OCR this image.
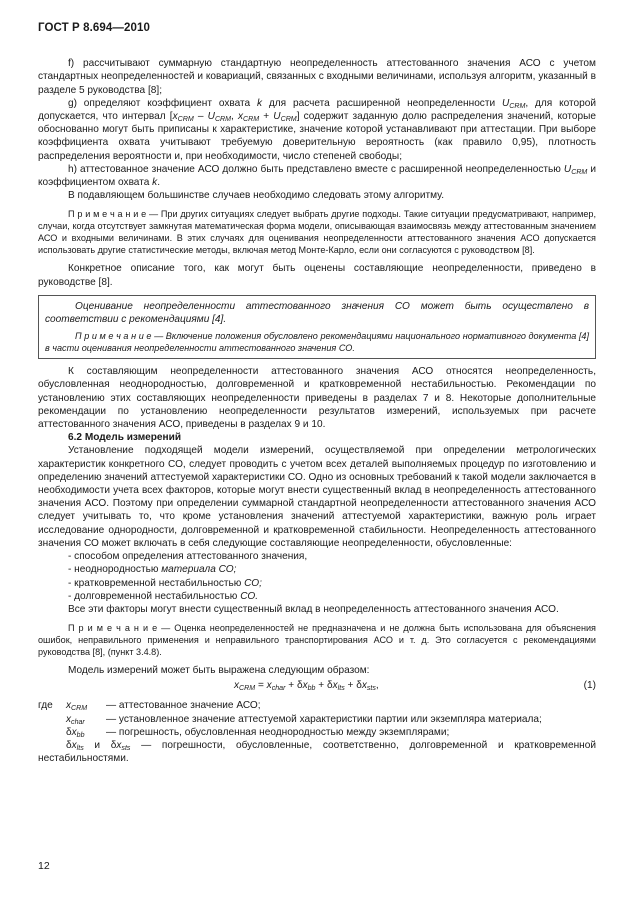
ГОСТ Р 8.694—2010

f) рассчитывают суммарную стандартную неопределенность аттестованного значения АСО с учетом стандартных неопределенностей и ковариаций, связанных с входными величинами, используя алгоритм, указанный в разделе 5 руководства [8];

g) определяют коэффициент охвата k для расчета расширенной неопределенности $U_{CRM}$, для которой допускается, что интервал [$x_{CRM} - U_{CRM}$, $x_{CRM} + U_{CRM}$] содержит заданную долю распределения значений, которые обоснованно могут быть приписаны к характеристике, значение которой устанавливают при аттестации. При выборе коэффициента охвата учитывают требуемую доверительную вероятность (как правило 0,95), плотность распределения вероятности и, при необходимости, число степеней свободы;

h) аттестованное значение АСО должно быть представлено вместе с расширенной неопределенностью $U_{CRM}$ и коэффициентом охвата k.

В подавляющем большинстве случаев необходимо следовать этому алгоритму.

П р и м е ч а н и е — При других ситуациях следует выбрать другие подходы. Такие ситуации предусматривают, например, случаи, когда отсутствует замкнутая математическая форма модели, описывающая взаимосвязь между аттестованным значением АСО и входными величинами. В этих случаях для оценивания неопределенности аттестованного значения АСО допускается использовать другие статистические методы, включая метод Монте-Карло, если они согласуются с руководством [8].

Конкретное описание того, как могут быть оценены составляющие неопределенности, приведено в руководстве [8].

Оценивание неопределенности аттестованного значения СО может быть осуществлено в соответствии с рекомендациями [4].

П р и м е ч а н и е — Включение положения обусловлено рекомендациями национального нормативного документа [4] в части оценивания неопределенности аттестованного значения СО.

К составляющим неопределенности аттестованного значения АСО относятся неопределенность, обусловленная неоднородностью, долговременной и кратковременной нестабильностью. Рекомендации по установлению этих составляющих неопределенности приведены в разделах 7 и 8. Некоторые дополнительные рекомендации по установлению неопределенности результатов измерений, используемых при расчете аттестованного значения АСО, приведены в разделах 9 и 10.

6.2 Модель измерений

Установление подходящей модели измерений, осуществляемой при определении метрологических характеристик конкретного СО, следует проводить с учетом всех деталей выполняемых процедур по изготовлению и определению значений аттестуемой характеристики СО. Одно из основных требований к такой модели заключается в необходимости учета всех факторов, которые могут внести существенный вклад в неопределенность аттестованного значения АСО. Поэтому при определении суммарной стандартной неопределенности аттестованного значения АСО следует учитывать то, что кроме установления значений аттестуемой характеристики, важную роль играет исследование однородности, долговременной и кратковременной стабильности. Неопределенность аттестованного значения СО может включать в себя следующие составляющие неопределенности, обусловленные:

- способом определения аттестованного значения,

- неоднородностью материала СО;

- кратковременной нестабильностью СО;

- долговременной нестабильностью СО.

Все эти факторы могут внести существенный вклад в неопределенность аттестованного значения АСО.

П р и м е ч а н и е — Оценка неопределенностей не предназначена и не должна быть использована для объяснения ошибок, неправильного применения и неправильного транспортирования АСО и т. д. Это согласуется с рекомендациями руководства [8], (пункт 3.4.8).

Модель измерений может быть выражена следующим образом:

$x_{CRM} = x_{char} + \delta x_{bb} + \delta x_{lts} + \delta x_{sts}$,	(1)
где $x_{CRM}$ — аттестованное значение АСО;
$x_{char}$ — установленное значение аттестуемой характеристики партии или экземпляра материала;
$\delta x_{bb}$ — погрешность, обусловленная неоднородностью между экземплярами;

$\delta x_{lts}$ и $\delta x_{sts}$ — погрешности, обусловленные, соответственно, долговременной и кратковременной нестабильностями.

12
